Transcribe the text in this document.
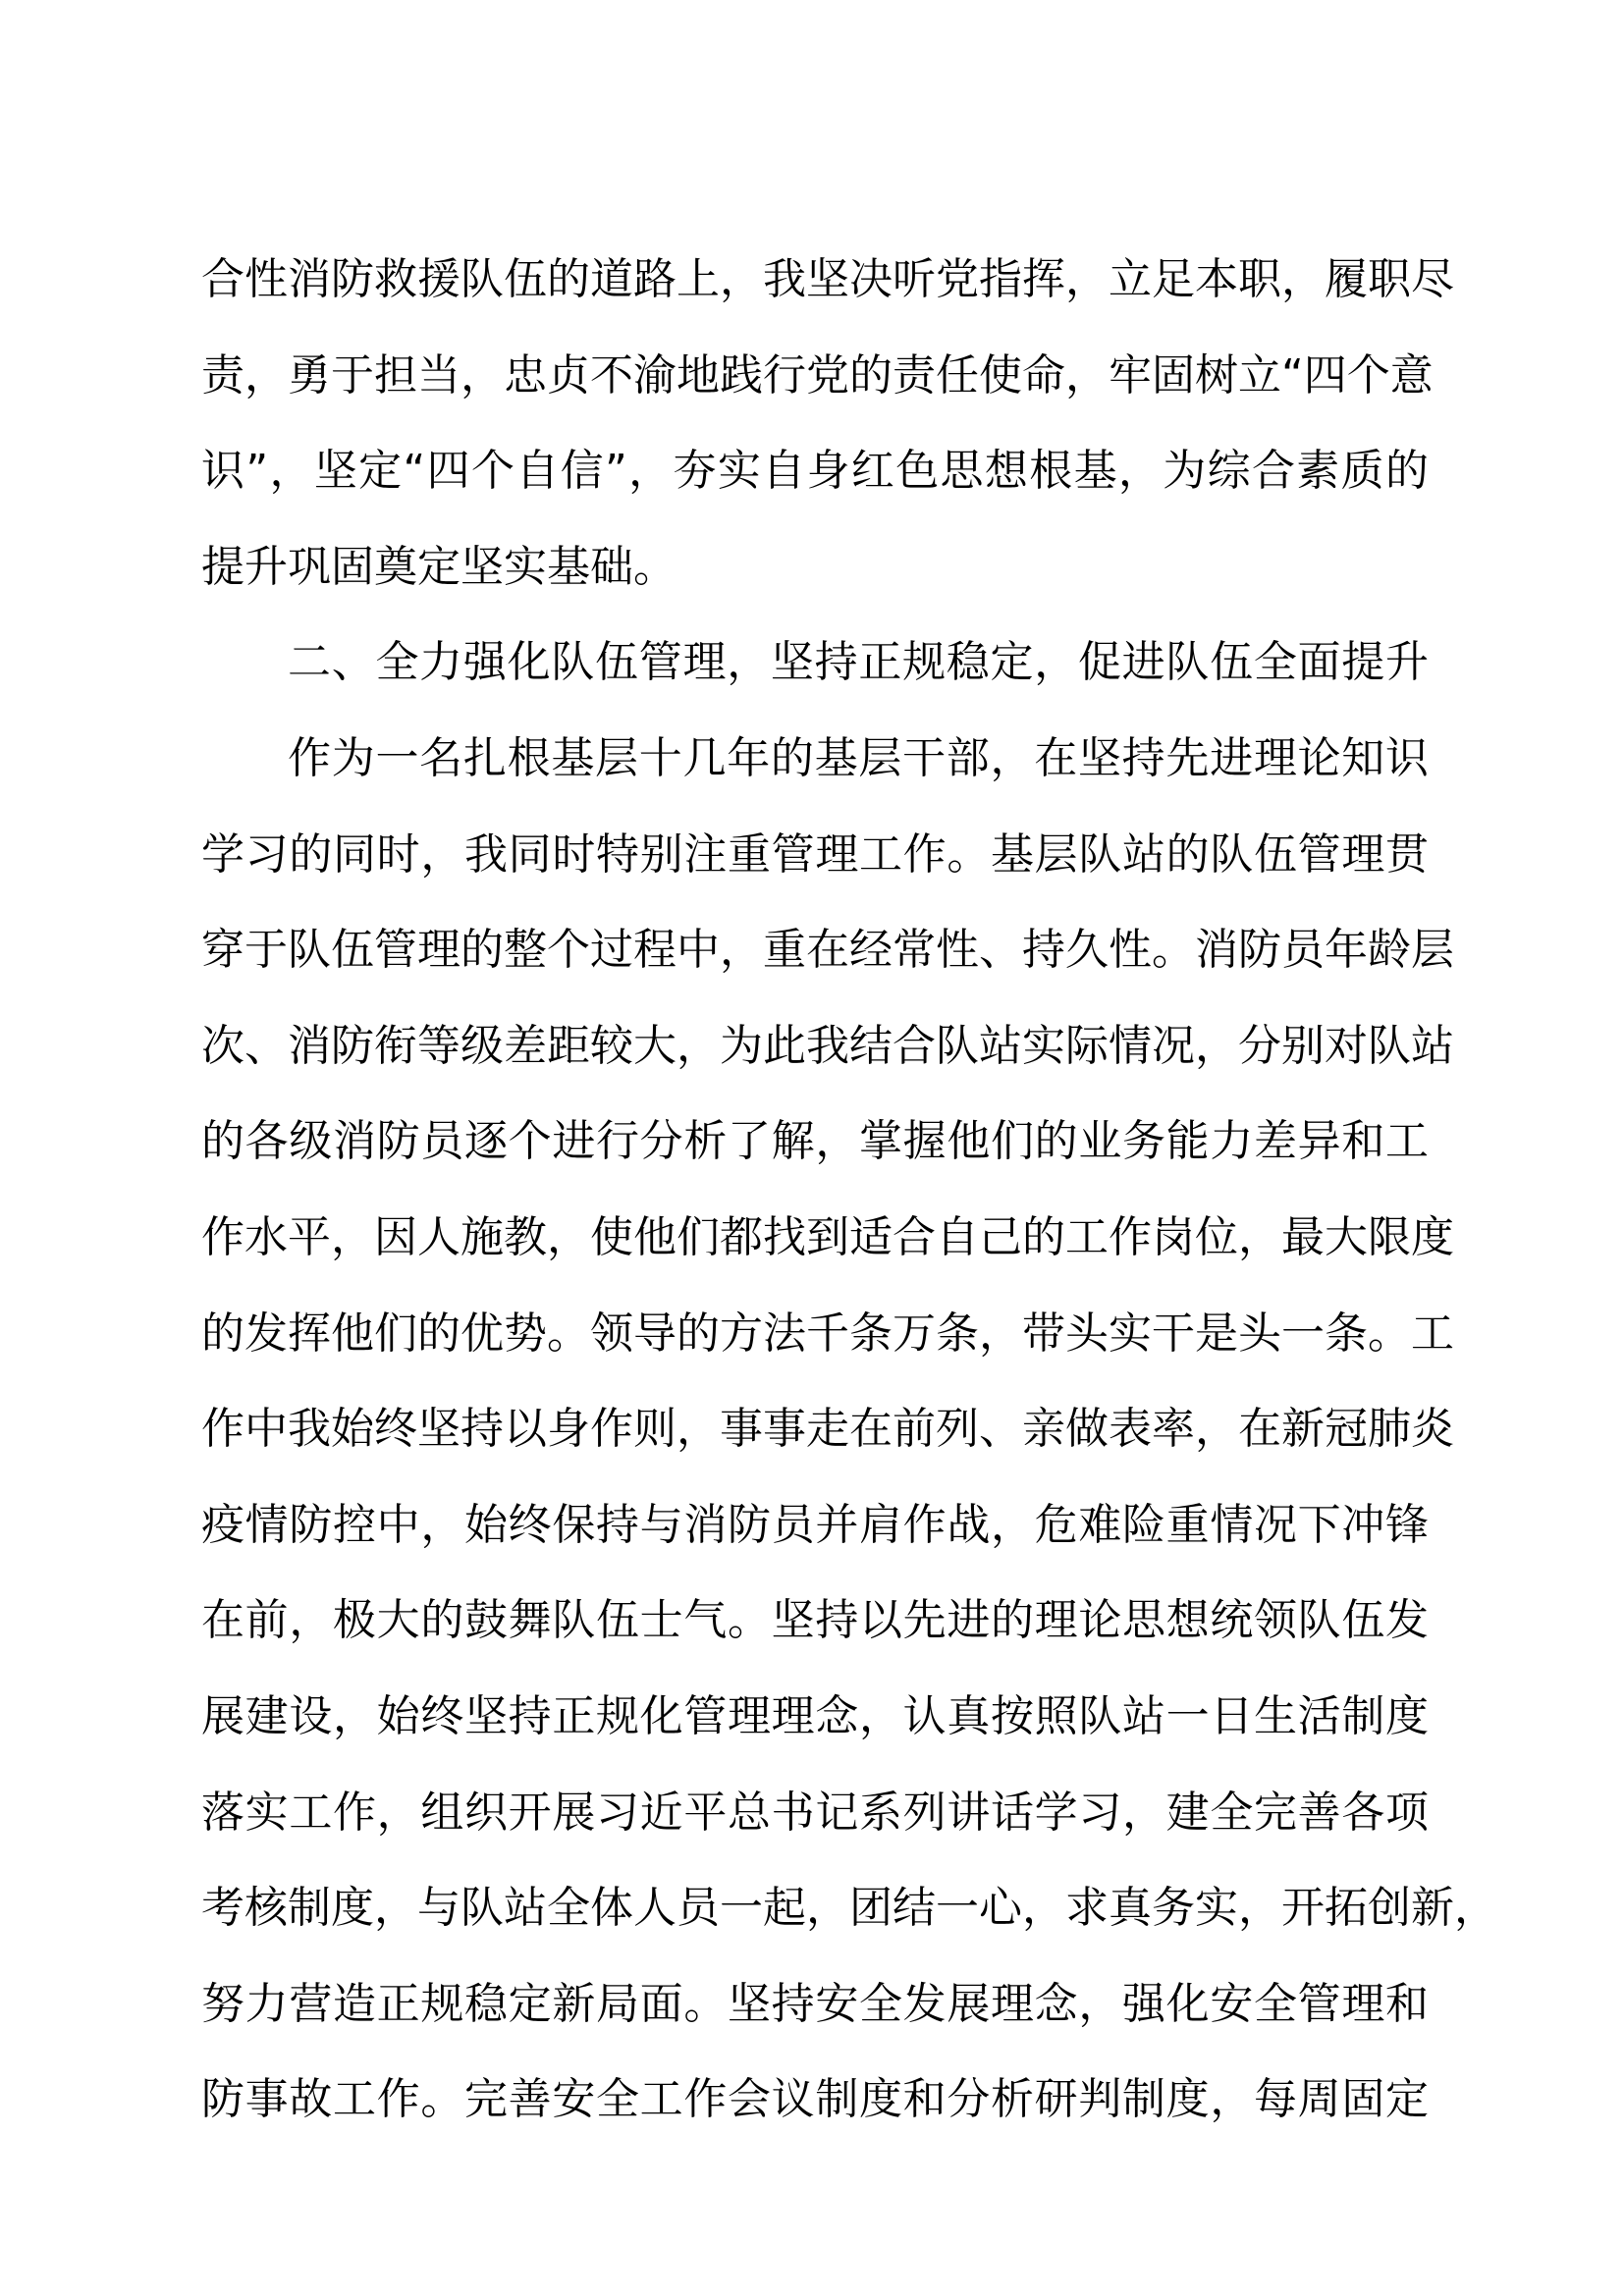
合性消防救援队伍的道路上，我坚决听党指挥，立足本职，履职尽
责，勇于担当，忠贞不渝地践行党的责任使命，牢固树立“四个意
识”，坚定“四个自信”，夯实自身红色思想根基，为综合素质的
提升巩固奠定坚实基础。
二、全力强化队伍管理，坚持正规稳定，促进队伍全面提升
作为一名扎根基层十几年的基层干部，在坚持先进理论知识
学习的同时，我同时特别注重管理工作。基层队站的队伍管理贯
穿于队伍管理的整个过程中，重在经常性、持久性。消防员年龄层
次、消防衔等级差距较大，为此我结合队站实际情况，分别对队站
的各级消防员逐个进行分析了解，掌握他们的业务能力差异和工
作水平，因人施教，使他们都找到适合自己的工作岗位，最大限度
的发挥他们的优势。领导的方法千条万条，带头实干是头一条。工
作中我始终坚持以身作则，事事走在前列、亲做表率，在新冠肺炎
疫情防控中，始终保持与消防员并肩作战，危难险重情况下冲锋
在前，极大的鼓舞队伍士气。坚持以先进的理论思想统领队伍发
展建设，始终坚持正规化管理理念，认真按照队站一日生活制度
落实工作，组织开展习近平总书记系列讲话学习，建全完善各项
考核制度，与队站全体人员一起，团结一心，求真务实，开拓创新，
努力营造正规稳定新局面。坚持安全发展理念，强化安全管理和
防事故工作。完善安全工作会议制度和分析研判制度，每周固定
